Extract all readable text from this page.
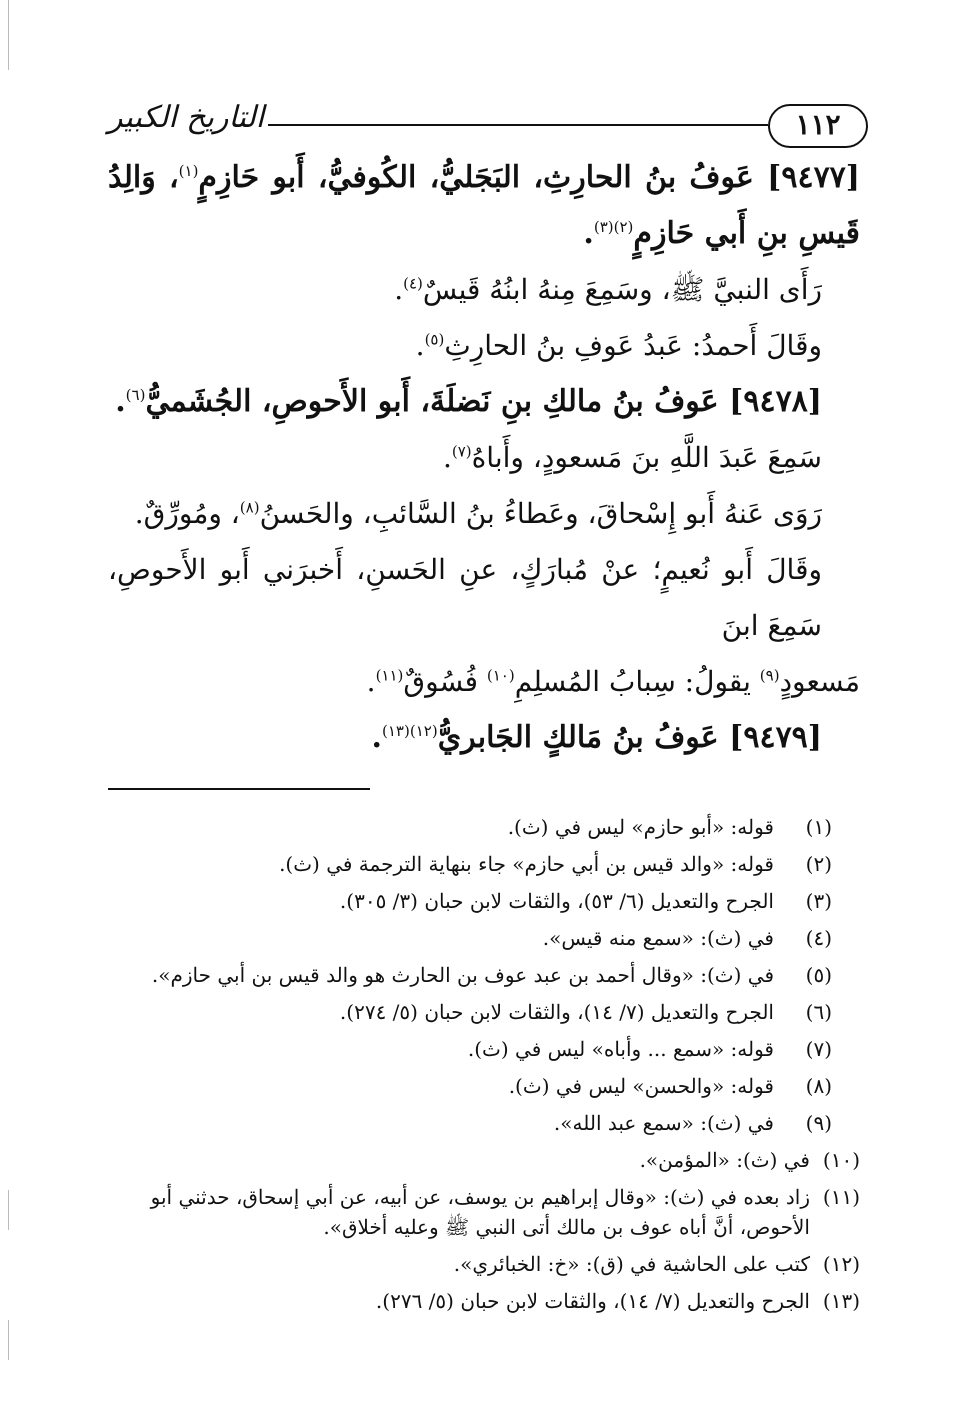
١١٢
التاريخ الكبير

[٩٤٧٧] عَوفُ بنُ الحارِثِ، البَجَليُّ، الكُوفيُّ، أَبو حَازِمٍ$^{(١)}$، وَالِدُ قَيسِ بنِ أَبي حَازِمٍ$^{(٢)(٣)}$.

رَأَى النبيَّ ﷺ، وسَمِعَ مِنهُ ابنُهُ قَيسٌ$^{(٤)}$.

وقَالَ أَحمدُ: عَبدُ عَوفِ بنُ الحارِثِ$^{(٥)}$.

[٩٤٧٨] عَوفُ بنُ مالكِ بنِ نَضلَةَ، أَبو الأَحوصِ، الجُشَميُّ$^{(٦)}$.

سَمِعَ عَبدَ اللَّهِ بنَ مَسعودٍ، وأَباهُ$^{(٧)}$.

رَوَى عَنهُ أَبو إِسْحاقَ، وعَطاءُ بنُ السَّائبِ، والحَسنُ$^{(٨)}$، ومُورِّقٌ.

وقَالَ أَبو نُعيمٍ؛ عنْ مُبارَكٍ، عنِ الحَسنِ، أَخبرَني أَبو الأَحوصِ، سَمِعَ ابنَ

مَسعودٍ$^{(٩)}$ يقولُ: سِبابُ المُسلِمِ$^{(١٠)}$ فُسُوقٌ$^{(١١)}$.

[٩٤٧٩] عَوفُ بنُ مَالكٍ الجَابريُّ$^{(١٢)(١٣)}$.

(١)
قوله: «أبو حازم» ليس في (ث).
(٢)
قوله: «والد قيس بن أبي حازم» جاء بنهاية الترجمة في (ث).
(٣)
الجرح والتعديل (٦/ ٥٣)، والثقات لابن حبان (٣/ ٣٠٥).
(٤)
في (ث): «سمع منه قيس».
(٥)
في (ث): «وقال أحمد بن عبد عوف بن الحارث هو والد قيس بن أبي حازم».
(٦)
الجرح والتعديل (٧/ ١٤)، والثقات لابن حبان (٥/ ٢٧٤).
(٧)
قوله: «سمع ... وأباه» ليس في (ث).
(٨)
قوله: «والحسن» ليس في (ث).
(٩)
في (ث): «سمع عبد الله».
(١٠)
في (ث): «المؤمن».
(١١)
زاد بعده في (ث): «وقال إبراهيم بن يوسف، عن أبيه، عن أبي إسحاق، حدثني أبو الأحوص، أنَّ أباه عوف بن مالك أتى النبي ﷺ وعليه أخلاق».
(١٢)
كتب على الحاشية في (ق): «خ: الخبائري».
(١٣)
الجرح والتعديل (٧/ ١٤)، والثقات لابن حبان (٥/ ٢٧٦).
